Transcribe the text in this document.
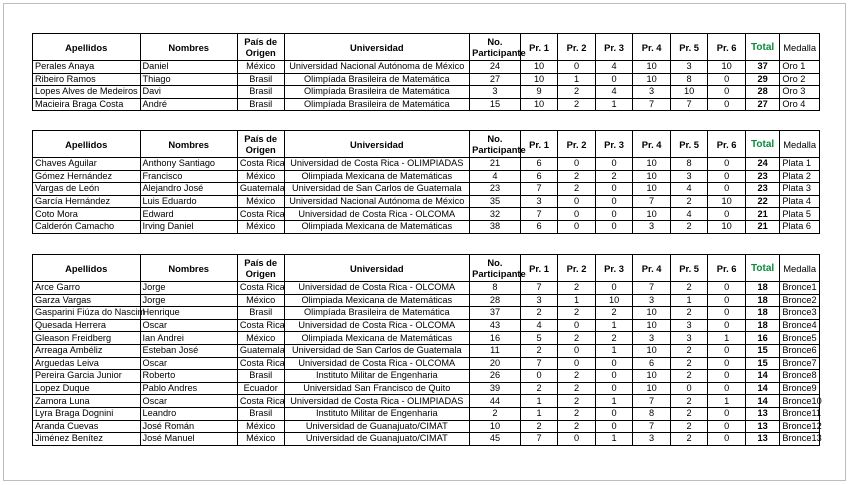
Apellidos	Nombres	País de Origen	Universidad	No. Participante	Pr. 1	Pr. 2	Pr. 3	Pr. 4	Pr. 5	Pr. 6	Total	Medalla
Perales Anaya	Daniel	México	Universidad Nacional Autónoma de México	24	10	0	4	10	3	10	37	Oro 1
Ribeiro Ramos	Thiago	Brasil	Olimpíada Brasileira de Matemática	27	10	1	0	10	8	0	29	Oro 2
Lopes Alves de Medeiros	Davi	Brasil	Olimpíada Brasileira de Matemática	3	9	2	4	3	10	0	28	Oro 3
Macieira Braga Costa	André	Brasil	Olimpíada Brasileira de Matemática	15	10	2	1	7	7	0	27	Oro 4
Apellidos	Nombres	País de Origen	Universidad	No. Participante	Pr. 1	Pr. 2	Pr. 3	Pr. 4	Pr. 5	Pr. 6	Total	Medalla
Chaves Aguilar	Anthony Santiago	Costa Rica	Universidad de Costa Rica - OLIMPIADAS	21	6	0	0	10	8	0	24	Plata 1
Gómez Hernández	Francisco	México	Olimpiada Mexicana de Matemáticas	4	6	2	2	10	3	0	23	Plata 2
Vargas de León	Alejandro José	Guatemala	Universidad de San Carlos de Guatemala	23	7	2	0	10	4	0	23	Plata 3
García Hernández	Luis Eduardo	México	Universidad Nacional Autónoma de México	35	3	0	0	7	2	10	22	Plata 4
Coto Mora	Edward	Costa Rica	Universidad de Costa Rica - OLCOMA	32	7	0	0	10	4	0	21	Plata 5
Calderón Camacho	Irving Daniel	México	Olimpiada Mexicana de Matemáticas	38	6	0	0	3	2	10	21	Plata 6
Apellidos	Nombres	País de Origen	Universidad	No. Participante	Pr. 1	Pr. 2	Pr. 3	Pr. 4	Pr. 5	Pr. 6	Total	Medalla
Arce Garro	Jorge	Costa Rica	Universidad de Costa Rica - OLCOMA	8	7	2	0	7	2	0	18	Bronce1
Garza Vargas	Jorge	México	Olimpiada Mexicana de Matemáticas	28	3	1	10	3	1	0	18	Bronce2
Gasparini Fiúza do Nascim	Henrique	Brasil	Olimpíada Brasileira de Matemática	37	2	2	2	10	2	0	18	Bronce3
Quesada Herrera	Oscar	Costa Rica	Universidad de Costa Rica - OLCOMA	43	4	0	1	10	3	0	18	Bronce4
Gleason Freidberg	Ian Andrei	México	Olimpiada Mexicana de Matemáticas	16	5	2	2	3	3	1	16	Bronce5
Arreaga Ambéliz	Esteban José	Guatemala	Universidad de San Carlos de Guatemala	11	2	0	1	10	2	0	15	Bronce6
Arguedas Leiva	Oscar	Costa Rica	Universidad de Costa Rica - OLCOMA	20	7	0	0	6	2	0	15	Bronce7
Pereira Garcia Junior	Roberto	Brasil	Instituto Militar de Engenharia	26	0	2	0	10	2	0	14	Bronce8
Lopez Duque	Pablo Andres	Ecuador	Universidad San Francisco de Quito	39	2	2	0	10	0	0	14	Bronce9
Zamora Luna	Oscar	Costa Rica	Universidad de Costa Rica - OLIMPIADAS	44	1	2	1	7	2	1	14	Bronce10
Lyra Braga Dognini	Leandro	Brasil	Instituto Militar de Engenharia	2	1	2	0	8	2	0	13	Bronce11
Aranda Cuevas	José Román	México	Universidad de Guanajuato/CIMAT	10	2	2	0	7	2	0	13	Bronce12
Jiménez Benítez	José Manuel	México	Universidad de Guanajuato/CIMAT	45	7	0	1	3	2	0	13	Bronce13
